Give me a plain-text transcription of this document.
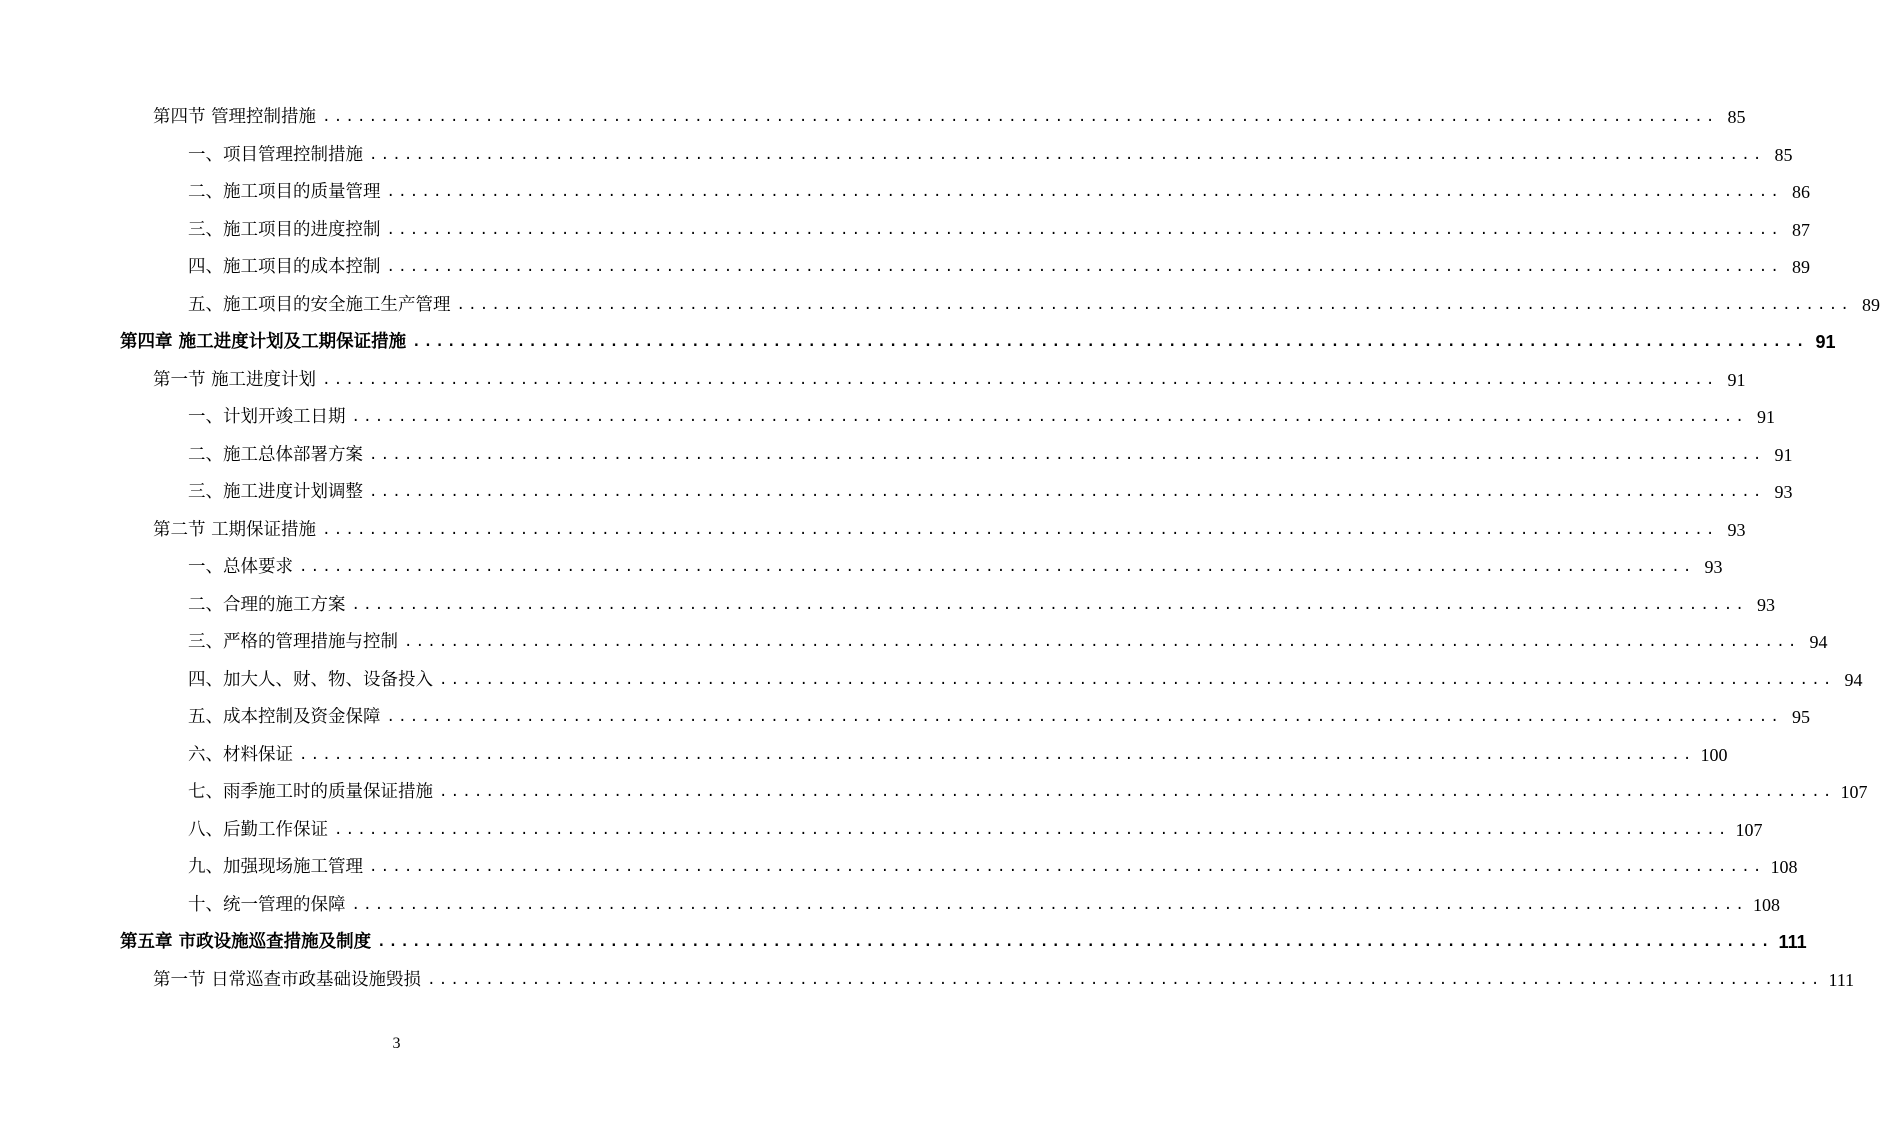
第四节 管理控制措施 ........................................................................................................................ 85
一、项目管理控制措施 ........................................................................................................................ 85
二、施工项目的质量管理 ........................................................................................................................ 86
三、施工项目的进度控制 ........................................................................................................................ 87
四、施工项目的成本控制 ........................................................................................................................ 89
五、施工项目的安全施工生产管理 ........................................................................................................................ 89
第四章 施工进度计划及工期保证措施 ........................................................................................................................ 91
第一节 施工进度计划 ........................................................................................................................ 91
一、计划开竣工日期 ........................................................................................................................ 91
二、施工总体部署方案 ........................................................................................................................ 91
三、施工进度计划调整 ........................................................................................................................ 93
第二节 工期保证措施 ........................................................................................................................ 93
一、总体要求 ........................................................................................................................ 93
二、合理的施工方案 ........................................................................................................................ 93
三、严格的管理措施与控制 ........................................................................................................................ 94
四、加大人、财、物、设备投入 ........................................................................................................................ 94
五、成本控制及资金保障 ........................................................................................................................ 95
六、材料保证 ........................................................................................................................ 100
七、雨季施工时的质量保证措施 ........................................................................................................................ 107
八、后勤工作保证 ........................................................................................................................ 107
九、加强现场施工管理 ........................................................................................................................ 108
十、统一管理的保障 ........................................................................................................................ 108
第五章 市政设施巡查措施及制度 ........................................................................................................................ 111
第一节 日常巡查市政基础设施毁损 ........................................................................................................................ 111
3
